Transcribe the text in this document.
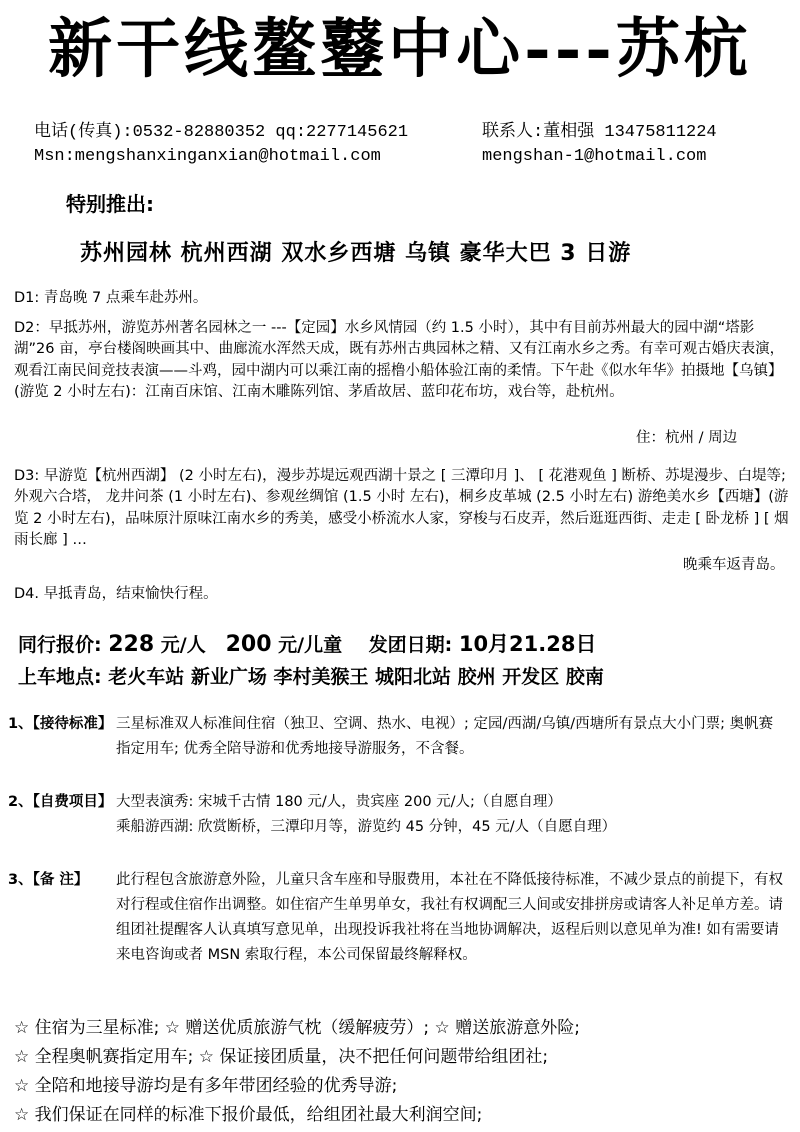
新干线鳌鼟中心---苏杭
电话(传真):0532-82880352 qq:2277145621	联系人:董相强 13475811224
Msn:mengshanxinganxian@hotmail.com	mengshan-1@hotmail.com
特别推出:
苏州园林 杭州西湖 双水乡西塘 乌镇 豪华大巴 3 日游
D1: 青岛晚 7 点乘车赴苏州。
D2：早抵苏州，游览苏州著名园林之一 ---【定园】水乡风情园（约 1.5 小时），其中有目前苏州最大的园中湖“塔影湖”26 亩，亭台楼阁映画其中、曲廊流水浑然天成，既有苏州古典园林之精、又有江南水乡之秀。有幸可观古婚庆表演，观看江南民间竞技表演——斗鸡，园中湖内可以乘江南的摇橹小船体验江南的柔情。下午赴《似水年华》拍摄地【乌镇】(游览 2 小时左右)：江南百床馆、江南木雕陈列馆、茅盾故居、蓝印花布坊，戏台等，赴杭州。
住：杭州 / 周边
D3: 早游览【杭州西湖】 (2 小时左右)，漫步苏堤远观西湖十景之 [ 三潭印月 ]、 [ 花港观鱼 ] 断桥、苏堤漫步、白堤等; 外观六合塔， 龙井问茶 (1 小时左右)、参观丝绸馆 (1.5 小时 左右)，桐乡皮革城 (2.5 小时左右) 游绝美水乡【西塘】(游览 2 小时左右)，品味原汁原味江南水乡的秀美，感受小桥流水人家，穿梭与石皮弄，然后逛逛西街、走走 [ 卧龙桥 ] [ 烟雨长廊 ] …
晚乘车返青岛。
D4. 早抵青岛，结束愉快行程。
同行报价: 228 元/人 200 元/儿童 发团日期: 10月21.28日
上车地点: 老火车站 新业广场 李村美猴王 城阳北站 胶州 开发区 胶南
1、【接待标准】 三星标准双人标准间住宿（独卫、空调、热水、电视）; 定园/西湖/乌镇/西塘所有景点大小门票; 奥帆赛指定用车; 优秀全陪导游和优秀地接导游服务，不含餐。
2、【自费项目】 大型表演秀: 宋城千古情 180 元/人，贵宾座 200 元/人;（自愿自理）
乘船游西湖: 欣赏断桥，三潭印月等，游览约 45 分钟，45 元/人（自愿自理）
3、【备 注】 此行程包含旅游意外险，儿童只含车座和导服费用，本社在不降低接待标准，不减少景点的前提下，有权对行程或住宿作出调整。如住宿产生单男单女，我社有权调配三人间或安排拼房或请客人补足单方差。请组团社提醒客人认真填写意见单，出现投诉我社将在当地协调解决，返程后则以意见单为准! 如有需要请来电咨询或者 MSN 索取行程，本公司保留最终解释权。
☆ 住宿为三星标准; ☆ 赠送优质旅游气枕（缓解疲劳）; ☆ 赠送旅游意外险;
☆ 全程奥帆赛指定用车; ☆ 保证接团质量，决不把任何问题带给组团社;
☆ 全陪和地接导游均是有多年带团经验的优秀导游;
☆ 我们保证在同样的标准下报价最低，给组团社最大利润空间;
